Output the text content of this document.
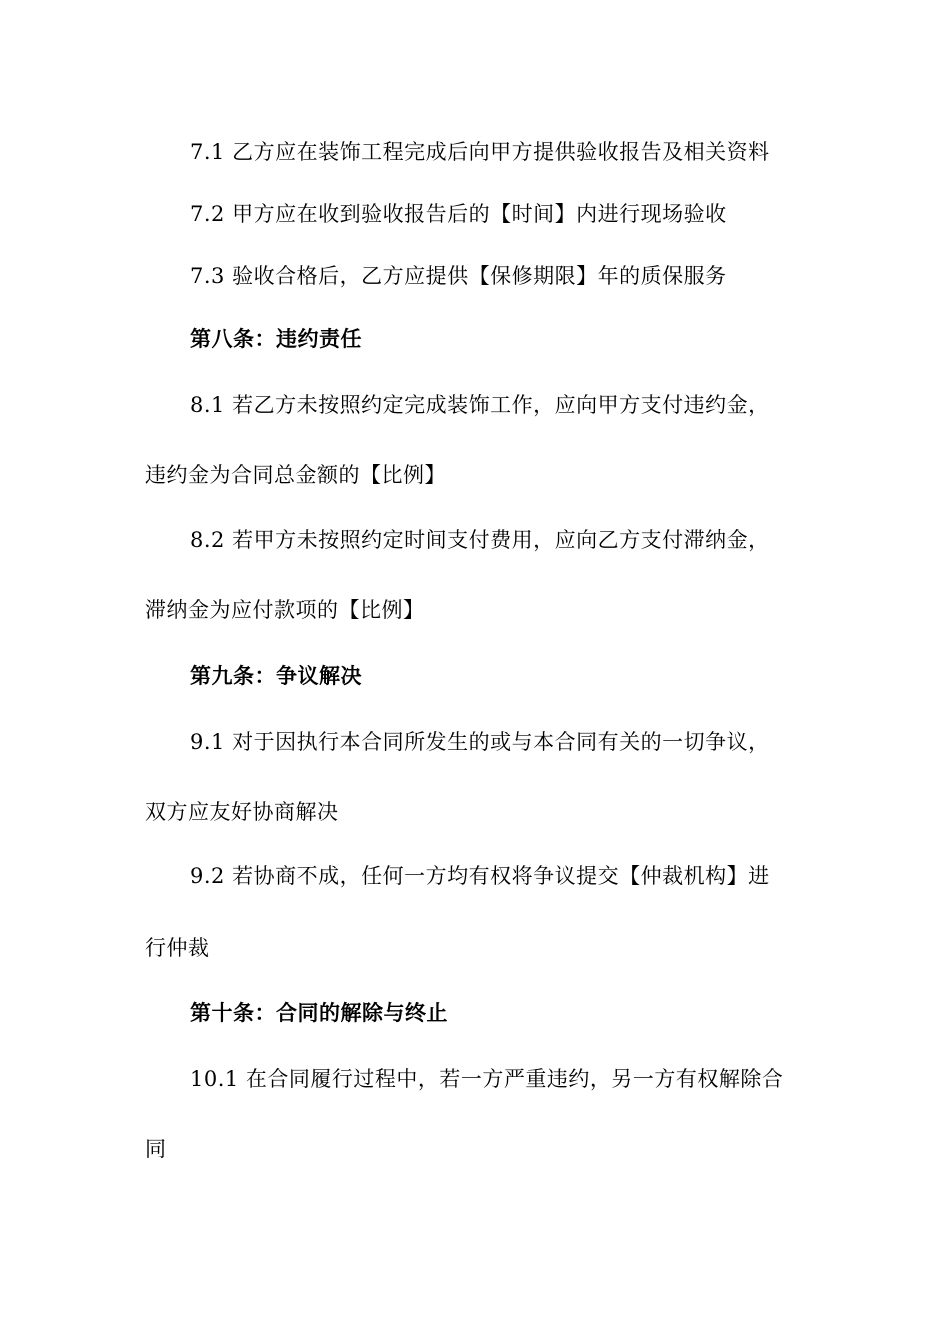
7.1 乙方应在装饰工程完成后向甲方提供验收报告及相关资料
7.2 甲方应在收到验收报告后的【时间】内进行现场验收
7.3 验收合格后，乙方应提供【保修期限】年的质保服务
第八条：违约责任
8.1 若乙方未按照约定完成装饰工作，应向甲方支付违约金，
违约金为合同总金额的【比例】
8.2 若甲方未按照约定时间支付费用，应向乙方支付滞纳金，
滞纳金为应付款项的【比例】
第九条：争议解决
9.1 对于因执行本合同所发生的或与本合同有关的一切争议，
双方应友好协商解决
9.2 若协商不成，任何一方均有权将争议提交【仲裁机构】进
行仲裁
第十条：合同的解除与终止
10.1 在合同履行过程中，若一方严重违约，另一方有权解除合
同
